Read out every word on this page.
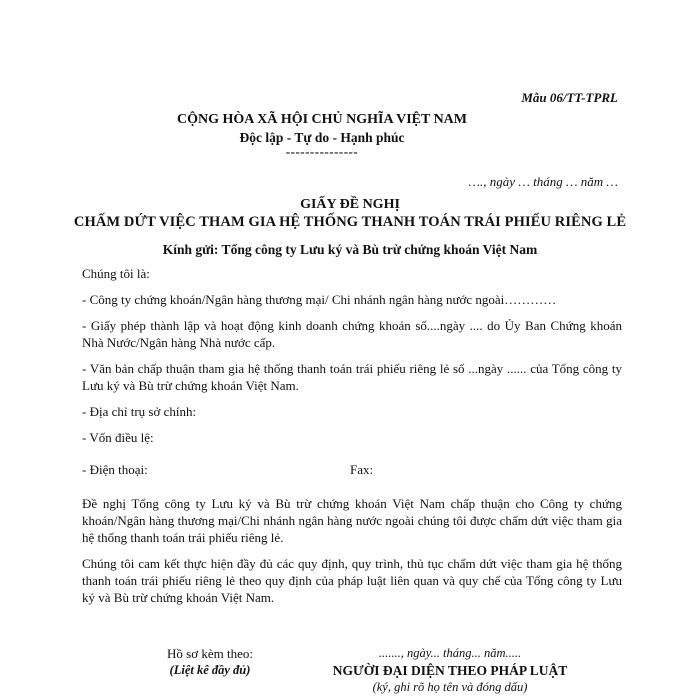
Mẫu 06/TT-TPRL
CỘNG HÒA XÃ HỘI CHỦ NGHĨA VIỆT NAM
Độc lập - Tự do - Hạnh phúc
---------------
…., ngày … tháng … năm …
GIẤY ĐỀ NGHỊ
CHẤM DỨT VIỆC THAM GIA HỆ THỐNG THANH TOÁN TRÁI PHIẾU RIÊNG LẺ
Kính gửi: Tổng công ty Lưu ký và Bù trừ chứng khoán Việt Nam
Chúng tôi là:
- Công ty chứng khoán/Ngân hàng thương mại/ Chi nhánh ngân hàng nước ngoài…………
- Giấy phép thành lập và hoạt động kinh doanh chứng khoán số....ngày .... do Ủy Ban Chứng khoán Nhà Nước/Ngân hàng Nhà nước cấp.
- Văn bản chấp thuận tham gia hệ thống thanh toán trái phiếu riêng lẻ số ...ngày ...... của Tổng công ty Lưu ký và Bù trừ chứng khoán Việt Nam.
- Địa chỉ trụ sở chính:
- Vốn điều lệ:
- Điện thoại:	Fax:
Đề nghị Tổng công ty Lưu ký và Bù trừ chứng khoán Việt Nam chấp thuận cho Công ty chứng khoán/Ngân hàng thương mại/Chi nhánh ngân hàng nước ngoài chúng tôi được chấm dứt việc tham gia hệ thống thanh toán trái phiếu riêng lẻ.
Chúng tôi cam kết thực hiện đầy đủ các quy định, quy trình, thủ tục chấm dứt việc tham gia hệ thống thanh toán trái phiếu riêng lẻ theo quy định của pháp luật liên quan và quy chế của Tổng công ty Lưu ký và Bù trừ chứng khoán Việt Nam.
Hồ sơ kèm theo:
(Liệt kê đầy đủ)
......., ngày... tháng... năm.....
NGƯỜI ĐẠI DIỆN THEO PHÁP LUẬT
(ký, ghi rõ họ tên và đóng dấu)
